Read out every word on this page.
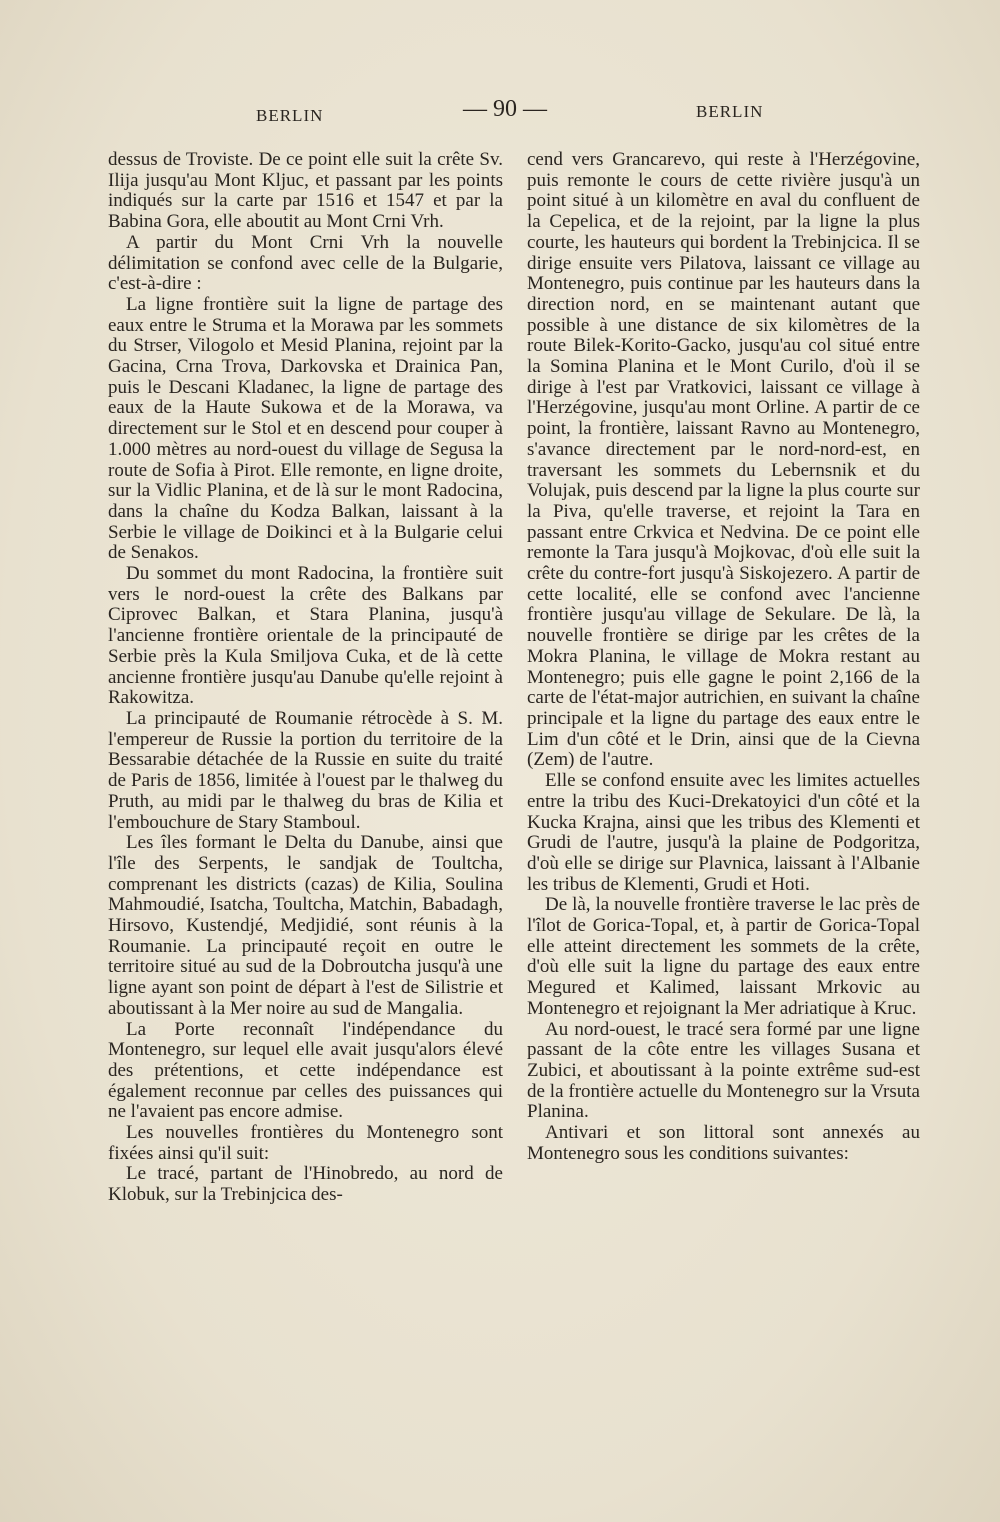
BERLIN	— 90 —	BERLIN

dessus de Troviste. De ce point elle suit la crête Sv. Ilija jusqu'au Mont Kljuc, et passant par les points indiqués sur la carte par 1516 et 1547 et par la Babina Gora, elle aboutit au Mont Crni Vrh.

A partir du Mont Crni Vrh la nouvelle délimitation se confond avec celle de la Bulgarie, c'est-à-dire :

La ligne frontière suit la ligne de partage des eaux entre le Struma et la Morawa par les sommets du Strser, Vilogolo et Mesid Planina, rejoint par la Gacina, Crna Trova, Darkovska et Drainica Pan, puis le Descani Kladanec, la ligne de partage des eaux de la Haute Sukowa et de la Morawa, va directement sur le Stol et en descend pour couper à 1.000 mètres au nord-ouest du village de Segusa la route de Sofia à Pirot. Elle remonte, en ligne droite, sur la Vidlic Planina, et de là sur le mont Radocina, dans la chaîne du Kodza Balkan, laissant à la Serbie le village de Doikinci et à la Bulgarie celui de Senakos.

Du sommet du mont Radocina, la frontière suit vers le nord-ouest la crête des Balkans par Ciprovec Balkan, et Stara Planina, jusqu'à l'ancienne frontière orientale de la principauté de Serbie près la Kula Smiljova Cuka, et de là cette ancienne frontière jusqu'au Danube qu'elle rejoint à Rakowitza.

La principauté de Roumanie rétrocède à S. M. l'empereur de Russie la portion du territoire de la Bessarabie détachée de la Russie en suite du traité de Paris de 1856, limitée à l'ouest par le thalweg du Pruth, au midi par le thalweg du bras de Kilia et l'embouchure de Stary Stamboul.

Les îles formant le Delta du Danube, ainsi que l'île des Serpents, le sandjak de Toultcha, comprenant les districts (cazas) de Kilia, Soulina Mahmoudié, Isatcha, Toultcha, Matchin, Babadagh, Hirsovo, Kustendjé, Medjidié, sont réunis à la Roumanie. La principauté reçoit en outre le territoire situé au sud de la Dobroutcha jusqu'à une ligne ayant son point de départ à l'est de Silistrie et aboutissant à la Mer noire au sud de Mangalia.

La Porte reconnaît l'indépendance du Montenegro, sur lequel elle avait jusqu'alors élevé des prétentions, et cette indépendance est également reconnue par celles des puissances qui ne l'avaient pas encore admise.

Les nouvelles frontières du Montenegro sont fixées ainsi qu'il suit:

Le tracé, partant de l'Hinobredo, au nord de Klobuk, sur la Trebinjcica des-

cend vers Grancarevo, qui reste à l'Herzégovine, puis remonte le cours de cette rivière jusqu'à un point situé à un kilomètre en aval du confluent de la Cepelica, et de la rejoint, par la ligne la plus courte, les hauteurs qui bordent la Trebinjcica. Il se dirige ensuite vers Pilatova, laissant ce village au Montenegro, puis continue par les hauteurs dans la direction nord, en se maintenant autant que possible à une distance de six kilomètres de la route Bilek-Korito-Gacko, jusqu'au col situé entre la Somina Planina et le Mont Curilo, d'où il se dirige à l'est par Vratkovici, laissant ce village à l'Herzégovine, jusqu'au mont Orline. A partir de ce point, la frontière, laissant Ravno au Montenegro, s'avance directement par le nord-nord-est, en traversant les sommets du Lebernsnik et du Volujak, puis descend par la ligne la plus courte sur la Piva, qu'elle traverse, et rejoint la Tara en passant entre Crkvica et Nedvina. De ce point elle remonte la Tara jusqu'à Mojkovac, d'où elle suit la crête du contre-fort jusqu'à Siskojezero. A partir de cette localité, elle se confond avec l'ancienne frontière jusqu'au village de Sekulare. De là, la nouvelle frontière se dirige par les crêtes de la Mokra Planina, le village de Mokra restant au Montenegro; puis elle gagne le point 2,166 de la carte de l'état-major autrichien, en suivant la chaîne principale et la ligne du partage des eaux entre le Lim d'un côté et le Drin, ainsi que de la Cievna (Zem) de l'autre.

Elle se confond ensuite avec les limites actuelles entre la tribu des Kuci-Drekatoyici d'un côté et la Kucka Krajna, ainsi que les tribus des Klementi et Grudi de l'autre, jusqu'à la plaine de Podgoritza, d'où elle se dirige sur Plavnica, laissant à l'Albanie les tribus de Klementi, Grudi et Hoti.

De là, la nouvelle frontière traverse le lac près de l'îlot de Gorica-Topal, et, à partir de Gorica-Topal elle atteint directement les sommets de la crête, d'où elle suit la ligne du partage des eaux entre Megured et Kalimed, laissant Mrkovic au Montenegro et rejoignant la Mer adriatique à Kruc.

Au nord-ouest, le tracé sera formé par une ligne passant de la côte entre les villages Susana et Zubici, et aboutissant à la pointe extrême sud-est de la frontière actuelle du Montenegro sur la Vrsuta Planina.

Antivari et son littoral sont annexés au Montenegro sous les conditions suivantes:
